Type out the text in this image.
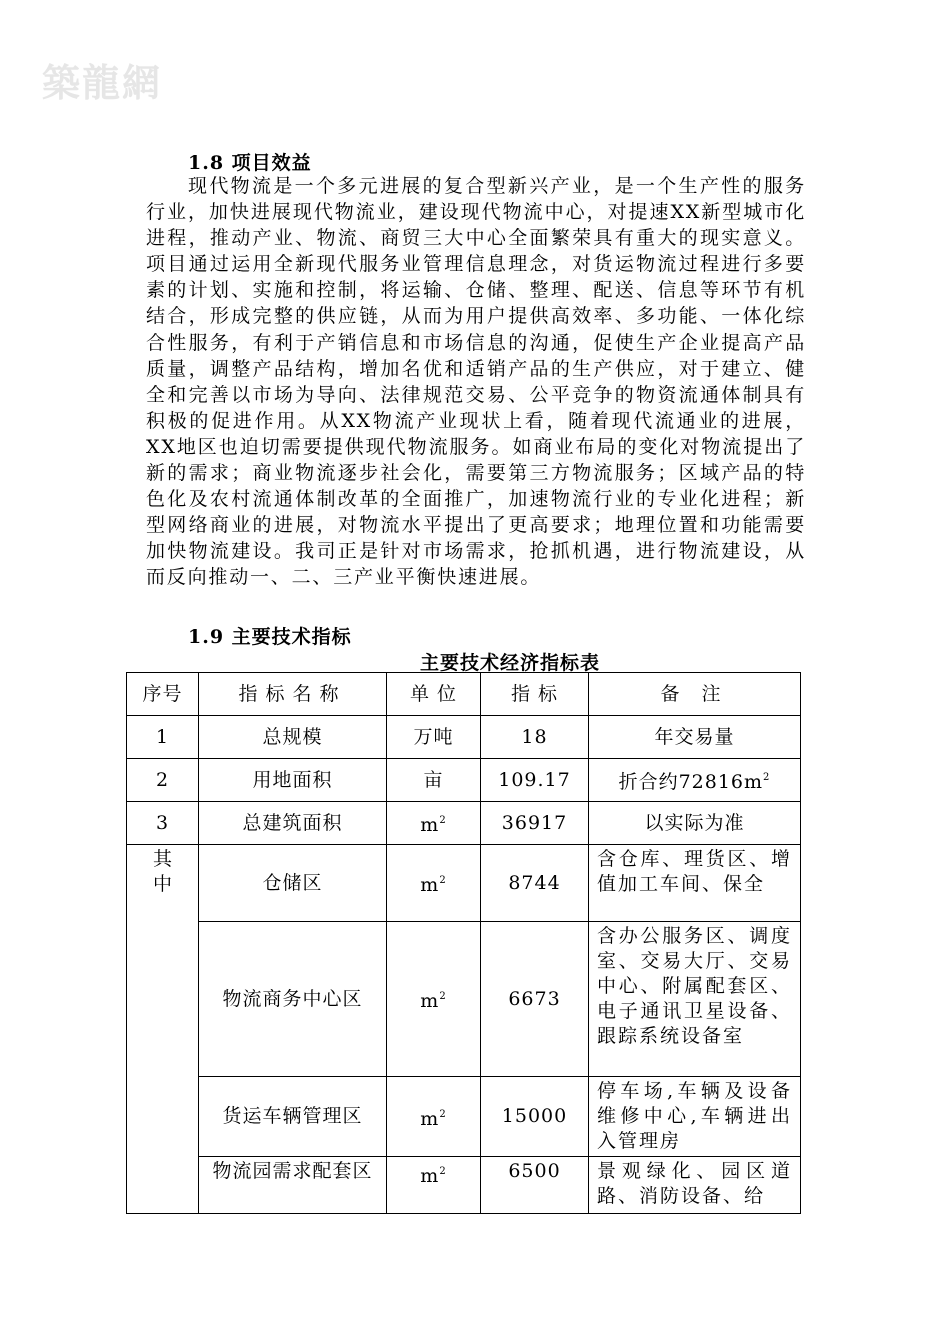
築龍網
1.8 项目效益

现代物流是一个多元进展的复合型新兴产业，是一个生产性的服务行业，加快进展现代物流业，建设现代物流中心，对提速XX新型城市化进程，推动产业、物流、商贸三大中心全面繁荣具有重大的现实意义。项目通过运用全新现代服务业管理信息理念，对货运物流过程进行多要素的计划、实施和控制，将运输、仓储、整理、配送、信息等环节有机结合，形成完整的供应链，从而为用户提供高效率、多功能、一体化综合性服务，有利于产销信息和市场信息的沟通，促使生产企业提高产品质量，调整产品结构，增加名优和适销产品的生产供应，对于建立、健全和完善以市场为导向、法律规范交易、公平竞争的物资流通体制具有积极的促进作用。从XX物流产业现状上看，随着现代流通业的进展，XX地区也迫切需要提供现代物流服务。如商业布局的变化对物流提出了新的需求；商业物流逐步社会化，需要第三方物流服务；区域产品的特色化及农村流通体制改革的全面推广，加速物流行业的专业化进程；新型网络商业的进展，对物流水平提出了更高要求；地理位置和功能需要加快物流建设。我司正是针对市场需求，抢抓机遇，进行物流建设，从而反向推动一、二、三产业平衡快速进展。

1.9 主要技术指标
主要技术经济指标表
序号	指标名称	单 位	指 标	备 注
1	总规模	万吨	18	年交易量
2	用地面积	亩	109.17	折合约$72816m^2$
3	总建筑面积	$m^2$	36917	以实际为准

其中	仓储区	$m^2$	8744	含仓库、理货区、增值加工车间、保全
	物流商务中心区	$m^2$	6673	含办公服务区、调度室、交易大厅、交易中心、附属配套区、电子通讯卫星设备、跟踪系统设备室
	货运车辆管理区	$m^2$	15000	停车场,车辆及设备维修中心,车辆进出入管理房
	物流园需求配套区	$m^2$	6500	景观绿化、园区道路、消防设备、给
